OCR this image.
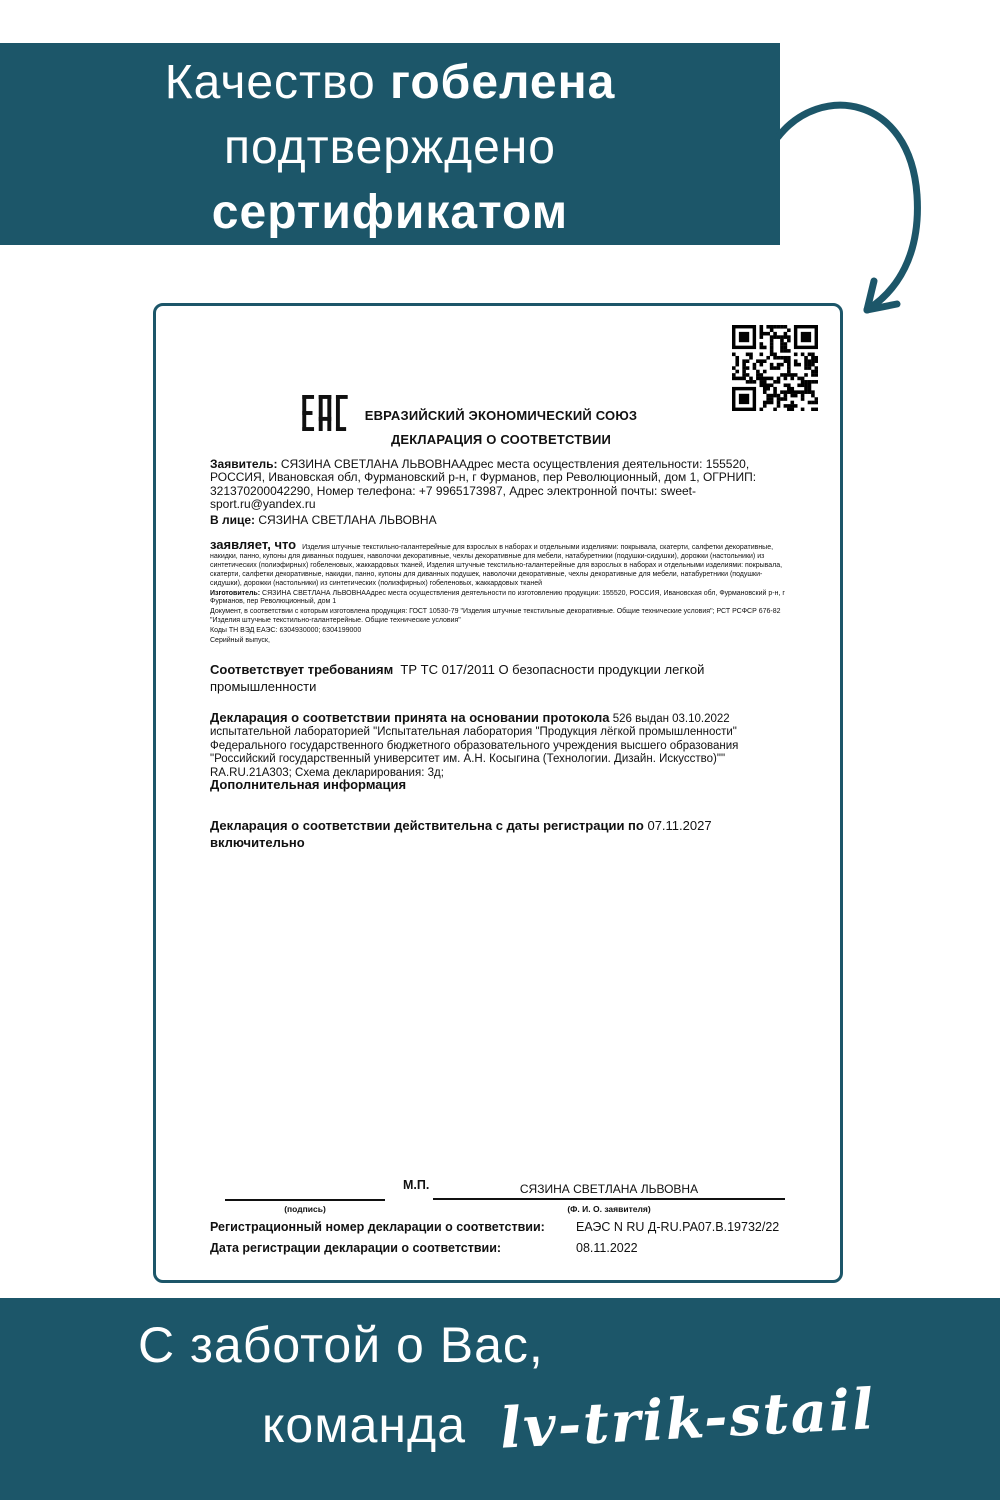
Качество гобелена
подтверждено
сертификатом
ЕВРАЗИЙСКИЙ ЭКОНОМИЧЕСКИЙ СОЮЗ
ДЕКЛАРАЦИЯ О СООТВЕТСТВИИ

Заявитель: СЯЗИНА СВЕТЛАНА ЛЬВОВНААдрес места осуществления деятельности: 155520, РОССИЯ, Ивановская обл, Фурмановский р-н, г Фурманов, пер Революционный, дом 1, ОГРНИП: 321370200042290, Номер телефона: +7 9965173987, Адрес электронной почты: sweet-sport.ru@yandex.ru

В лице: СЯЗИНА СВЕТЛАНА ЛЬВОВНА

заявляет, что Изделия штучные текстильно-галантерейные для взрослых в наборах и отдельными изделиями: покрывала, скатерти, салфетки декоративные, накидки, панно, купоны для диванных подушек, наволочки декоративные, чехлы декоративные для мебели, натабуретники (подушки-сидушки), дорожки (настольники) из синтетических (полиэфирных) гобеленовых, жаккардовых тканей, Изделия штучные текстильно-галантерейные для взрослых в наборах и отдельными изделиями: покрывала, скатерти, салфетки декоративные, накидки, панно, купоны для диванных подушек, наволочки декоративные, чехлы декоративные для мебели, натабуретники (подушки-сидушки), дорожки (настольники) из синтетических (полиэфирных) гобеленовых, жаккардовых тканей

Изготовитель: СЯЗИНА СВЕТЛАНА ЛЬВОВНААдрес места осуществления деятельности по изготовлению продукции: 155520, РОССИЯ, Ивановская обл, Фурмановский р-н, г Фурманов, пер Революционный, дом 1

Документ, в соответствии с которым изготовлена продукция: ГОСТ 10530-79 "Изделия штучные текстильные декоративные. Общие технические условия"; РСТ РСФСР 676-82 "Изделия штучные текстильно-галантерейные. Общие технические условия"

Коды ТН ВЭД ЕАЭС: 6304930000; 6304199000

Серийный выпуск,

Соответствует требованиям ТР ТС 017/2011 О безопасности продукции легкой промышленности
Декларация о соответствии принята на основании протокола 526 выдан 03.10.2022 испытательной лабораторией "Испытательная лаборатория "Продукция лёгкой промышленности" Федерального государственного бюджетного образовательного учреждения высшего образования "Российский государственный университет им. А.Н. Косыгина (Технологии. Дизайн. Искусство)"" RA.RU.21A303; Схема декларирования: 3д;
Дополнительная информация
Декларация о соответствии действительна с даты регистрации по 07.11.2027
включительно
М.П.	СЯЗИНА СВЕТЛАНА ЛЬВОВНА
(подпись)	(Ф. И. О. заявителя)
Регистрационный номер декларации о соответствии:	ЕАЭС N RU Д-RU.РА07.В.19732/22
Дата регистрации декларации о соответствии:	08.11.2022
С заботой о Вас,
команда lv-trik-stail
